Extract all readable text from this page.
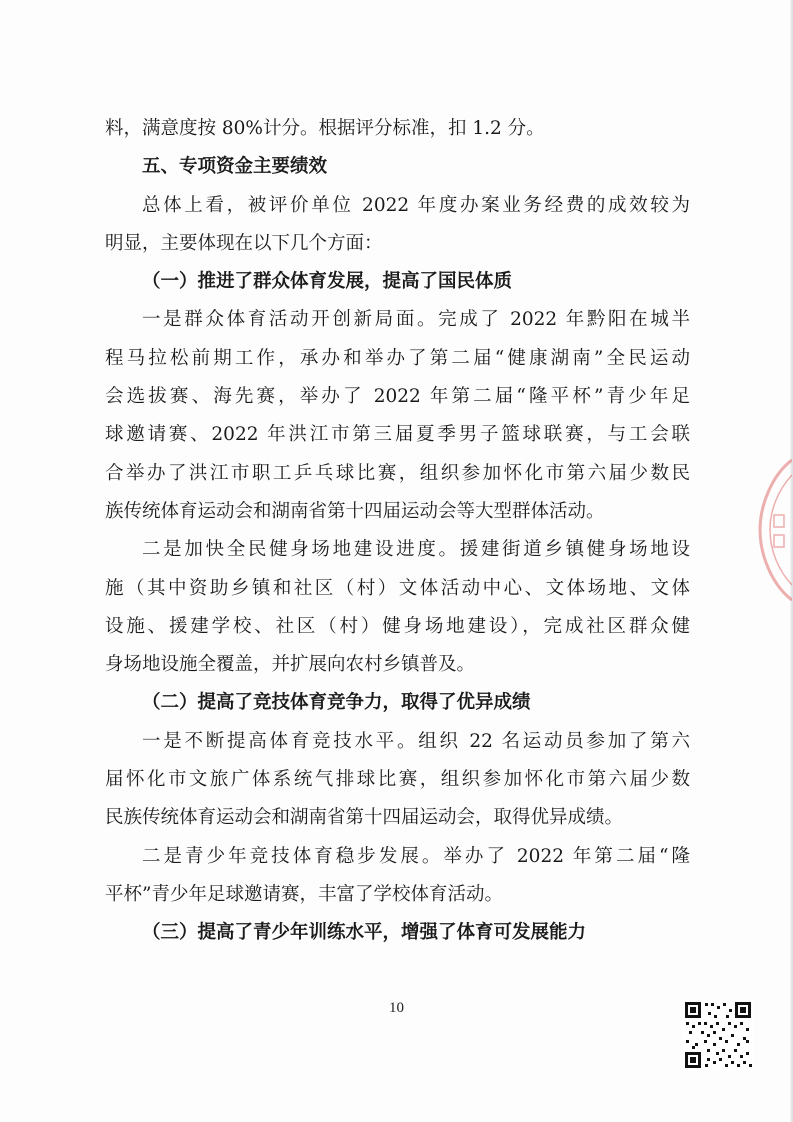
料，满意度按 80%计分。根据评分标准，扣 1.2 分。
五、专项资金主要绩效
总体上看，被评价单位 2022 年度办案业务经费的成效较为
明显，主要体现在以下几个方面：
（一）推进了群众体育发展，提高了国民体质
一是群众体育活动开创新局面。完成了 2022 年黔阳在城半
程马拉松前期工作，承办和举办了第二届“健康湖南”全民运动
会选拔赛、海先赛，举办了 2022 年第二届“隆平杯”青少年足
球邀请赛、2022 年洪江市第三届夏季男子篮球联赛，与工会联
合举办了洪江市职工乒乓球比赛，组织参加怀化市第六届少数民
族传统体育运动会和湖南省第十四届运动会等大型群体活动。
二是加快全民健身场地建设进度。援建街道乡镇健身场地设
施（其中资助乡镇和社区（村）文体活动中心、文体场地、文体
设施、援建学校、社区（村）健身场地建设），完成社区群众健
身场地设施全覆盖，并扩展向农村乡镇普及。
（二）提高了竞技体育竞争力，取得了优异成绩
一是不断提高体育竞技水平。组织 22 名运动员参加了第六
届怀化市文旅广体系统气排球比赛，组织参加怀化市第六届少数
民族传统体育运动会和湖南省第十四届运动会，取得优异成绩。
二是青少年竞技体育稳步发展。举办了 2022 年第二届“隆
平杯”青少年足球邀请赛，丰富了学校体育活动。
（三）提高了青少年训练水平，增强了体育可发展能力
10
